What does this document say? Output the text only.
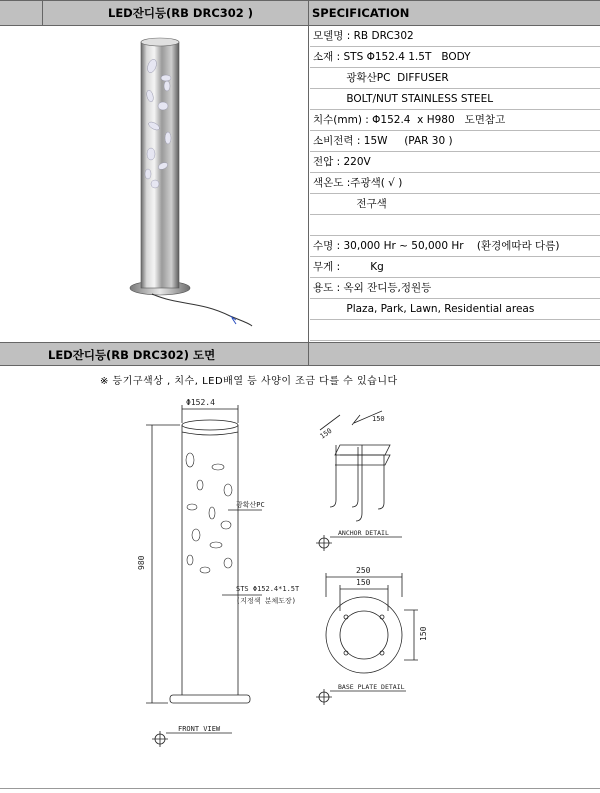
LED잔디등(RB DRC302 )	SPECIFICATION
모델명 : RB DRC302
소재 : STS Φ152.4 1.5T   BODY
광확산PC  DIFFUSER
BOLT/NUT STAINLESS STEEL
치수(mm) : Φ152.4  x H980   도면참고
소비전력 : 15W     (PAR 30 )
전압 : 220V
색온도 :주광색( √ )
전구색
수명 : 30,000 Hr ~ 50,000 Hr    (환경에따라 다름)
무게 :         Kg
용도 : 옥외 잔디등,정원등
Plaza, Park, Lawn, Residential areas
LED잔디등(RB DRC302) 도면
※ 등기구색상 , 치수, LED배열 등 사양이 조금 다를 수 있습니다
Φ152.4
980
광확산PC
STS Φ152.4*1.5T
(지정색 분체도장)
FRONT VIEW
150
150
ANCHOR DETAIL
250
150
150
BASE PLATE DETAIL
